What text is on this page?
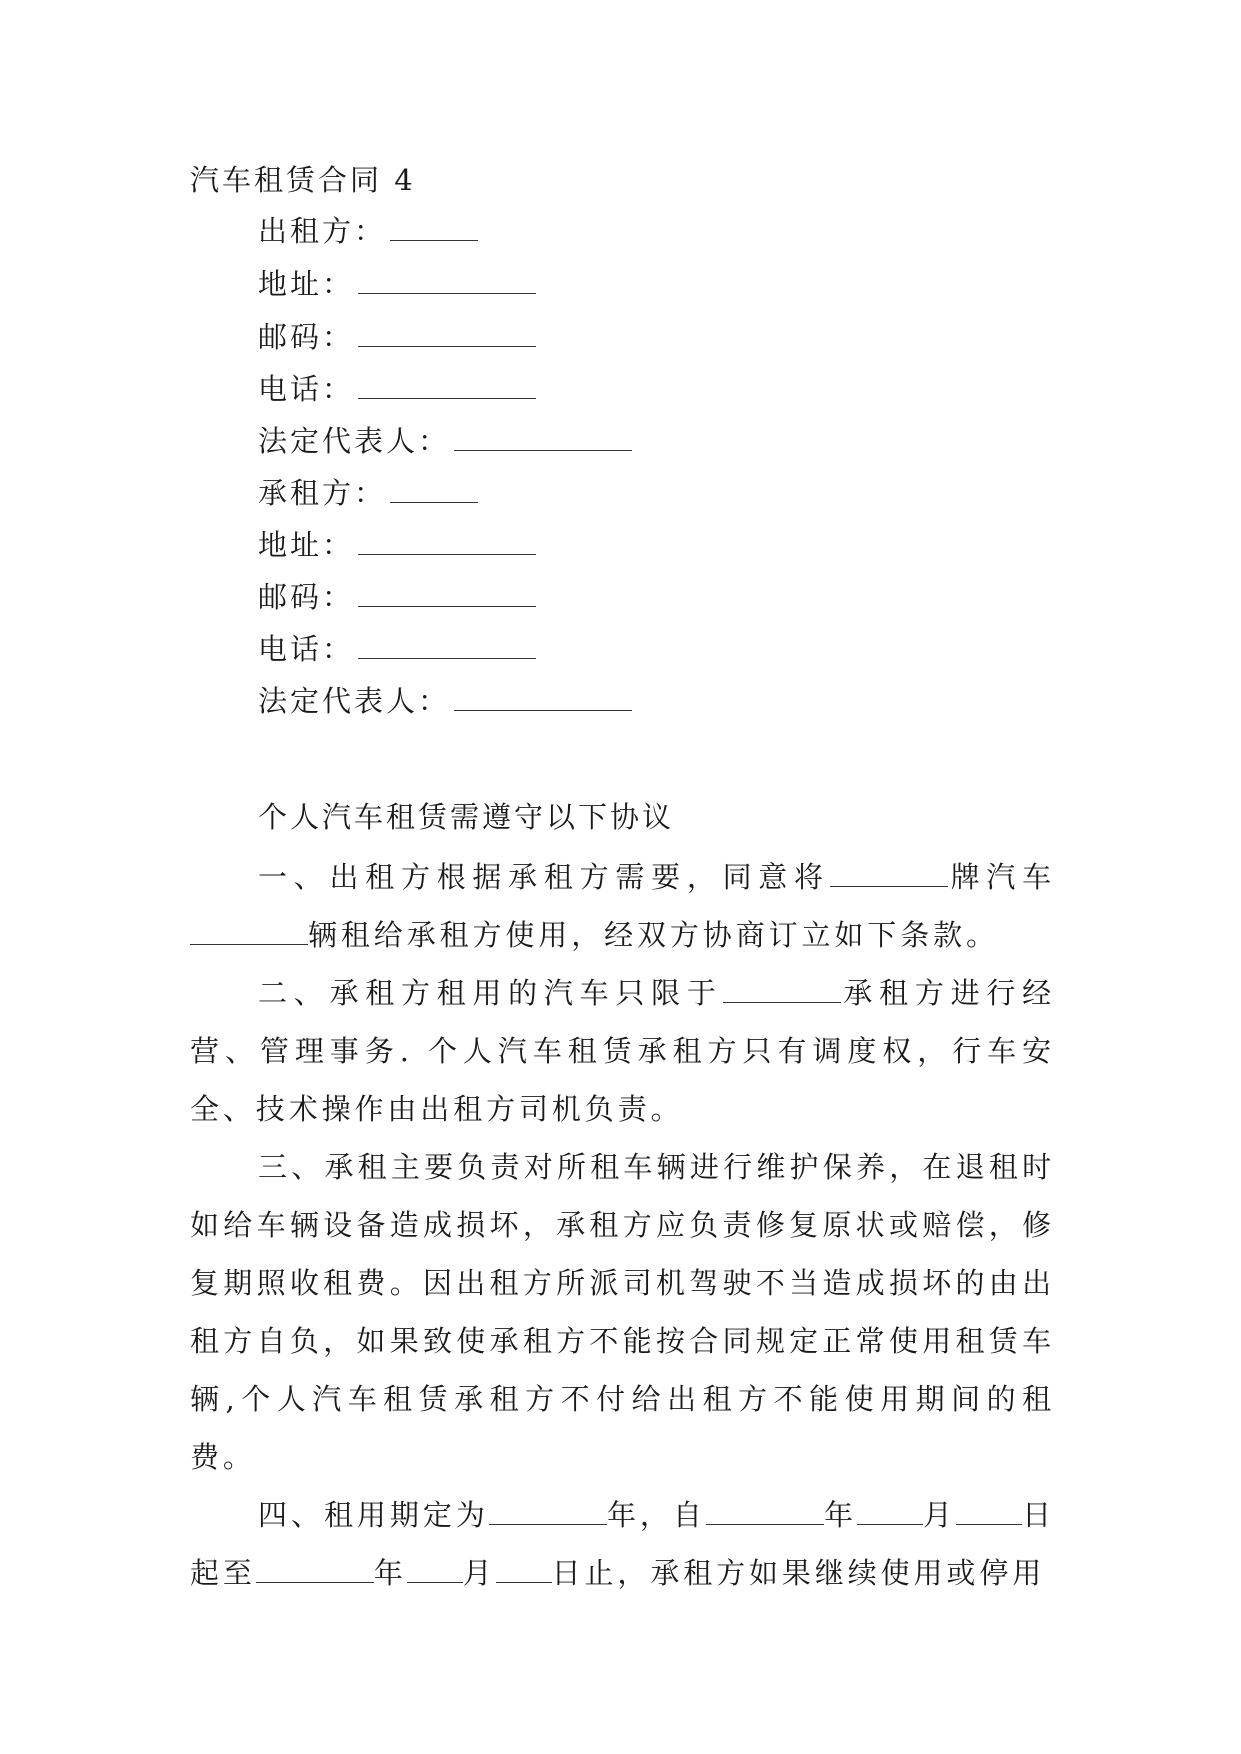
汽车租赁合同 4
出租方：
地址：
邮码：
电话：
法定代表人：
承租方：
地址：
邮码：
电话：
法定代表人：
个人汽车租赁需遵守以下协议

一、出租方根据承租方需要，同意将	牌汽车辆租给承租方使用，经双方协商订立如下条款。

二、承租方租用的汽车只限于	承租方进行经营、管理事务. 个人汽车租赁承租方只有调度权，行车安全、技术操作由出租方司机负责。

三、承租主要负责对所租车辆进行维护保养，在退租时如给车辆设备造成损坏，承租方应负责修复原状或赔偿，修复期照收租费。因出租方所派司机驾驶不当造成损坏的由出租方自负，如果致使承租方不能按合同规定正常使用租赁车辆,个人汽车租赁承租方不付给出租方不能使用期间的租费。

四、租用期定为	年，自	年 月 日起至	年 月 日止，承租方如果继续使用或停用
